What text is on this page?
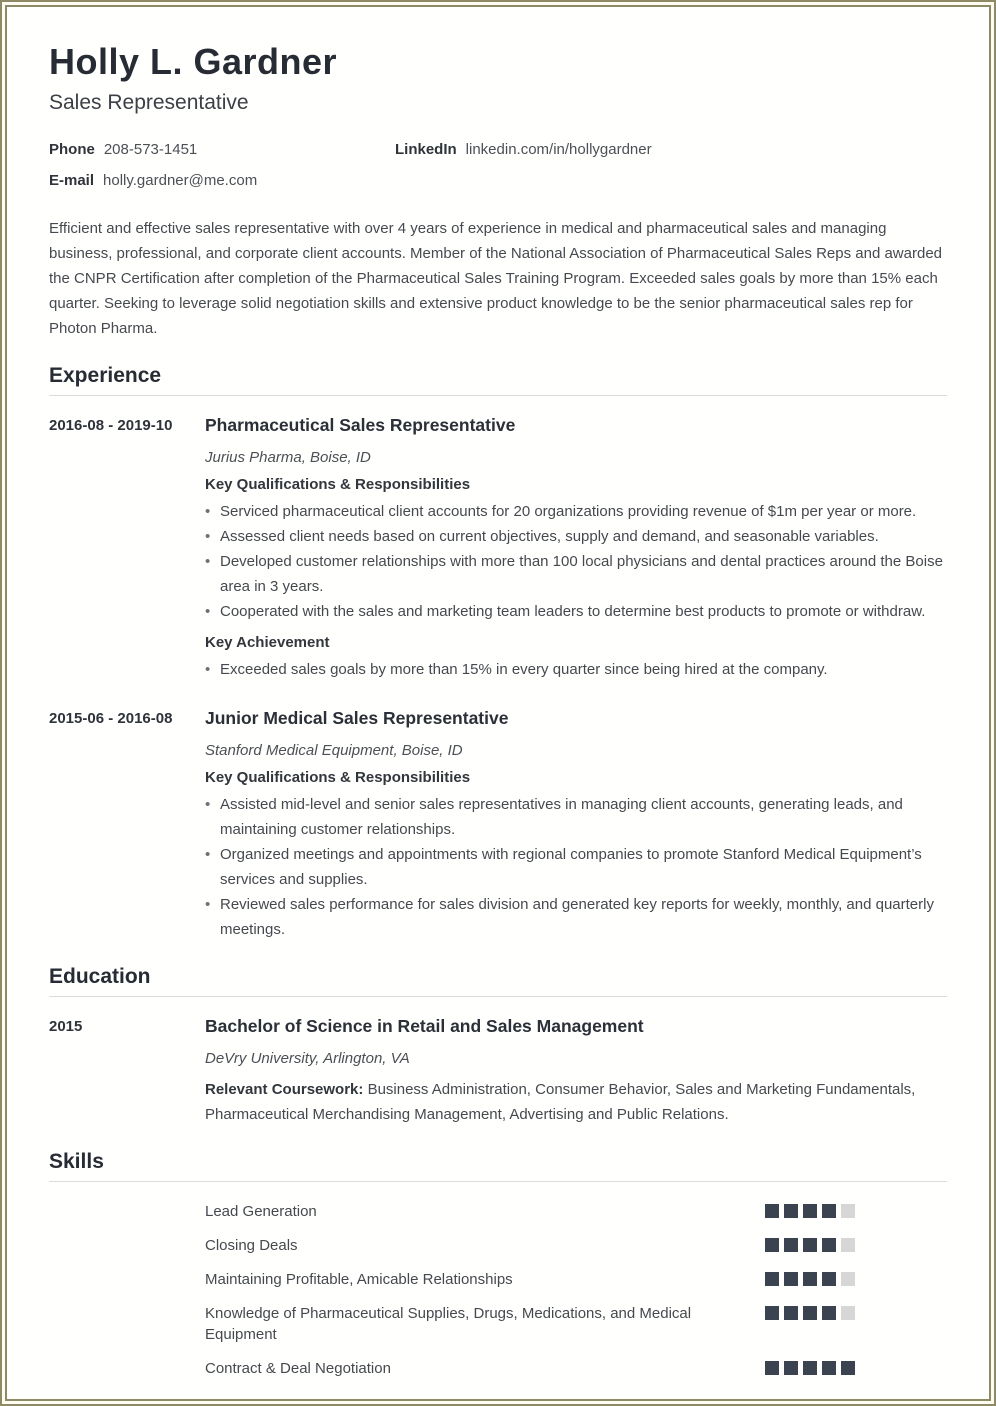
Holly L. Gardner
Sales Representative
Phone 208-573-1451	LinkedIn linkedin.com/in/hollygardner
E-mail holly.gardner@me.com

Efficient and effective sales representative with over 4 years of experience in medical and pharmaceutical sales and managing business, professional, and corporate client accounts. Member of the National Association of Pharmaceutical Sales Reps and awarded the CNPR Certification after completion of the Pharmaceutical Sales Training Program. Exceeded sales goals by more than 15% each quarter. Seeking to leverage solid negotiation skills and extensive product knowledge to be the senior pharmaceutical sales rep for Photon Pharma.

Experience
2016-08 - 2019-10	Pharmaceutical Sales Representative
Jurius Pharma, Boise, ID
Key Qualifications & Responsibilities
• Serviced pharmaceutical client accounts for 20 organizations providing revenue of $1m per year or more.
• Assessed client needs based on current objectives, supply and demand, and seasonable variables.
• Developed customer relationships with more than 100 local physicians and dental practices around the Boise area in 3 years.
• Cooperated with the sales and marketing team leaders to determine best products to promote or withdraw.
Key Achievement
• Exceeded sales goals by more than 15% in every quarter since being hired at the company.
2015-06 - 2016-08	Junior Medical Sales Representative
Stanford Medical Equipment, Boise, ID
Key Qualifications & Responsibilities
• Assisted mid-level and senior sales representatives in managing client accounts, generating leads, and maintaining customer relationships.
• Organized meetings and appointments with regional companies to promote Stanford Medical Equipment’s services and supplies.
• Reviewed sales performance for sales division and generated key reports for weekly, monthly, and quarterly meetings.
Education
2015	Bachelor of Science in Retail and Sales Management
DeVry University, Arlington, VA

Relevant Coursework: Business Administration, Consumer Behavior, Sales and Marketing Fundamentals, Pharmaceutical Merchandising Management, Advertising and Public Relations.

Skills
Lead Generation
Closing Deals
Maintaining Profitable, Amicable Relationships
Knowledge of Pharmaceutical Supplies, Drugs, Medications, and Medical Equipment
Contract & Deal Negotiation
